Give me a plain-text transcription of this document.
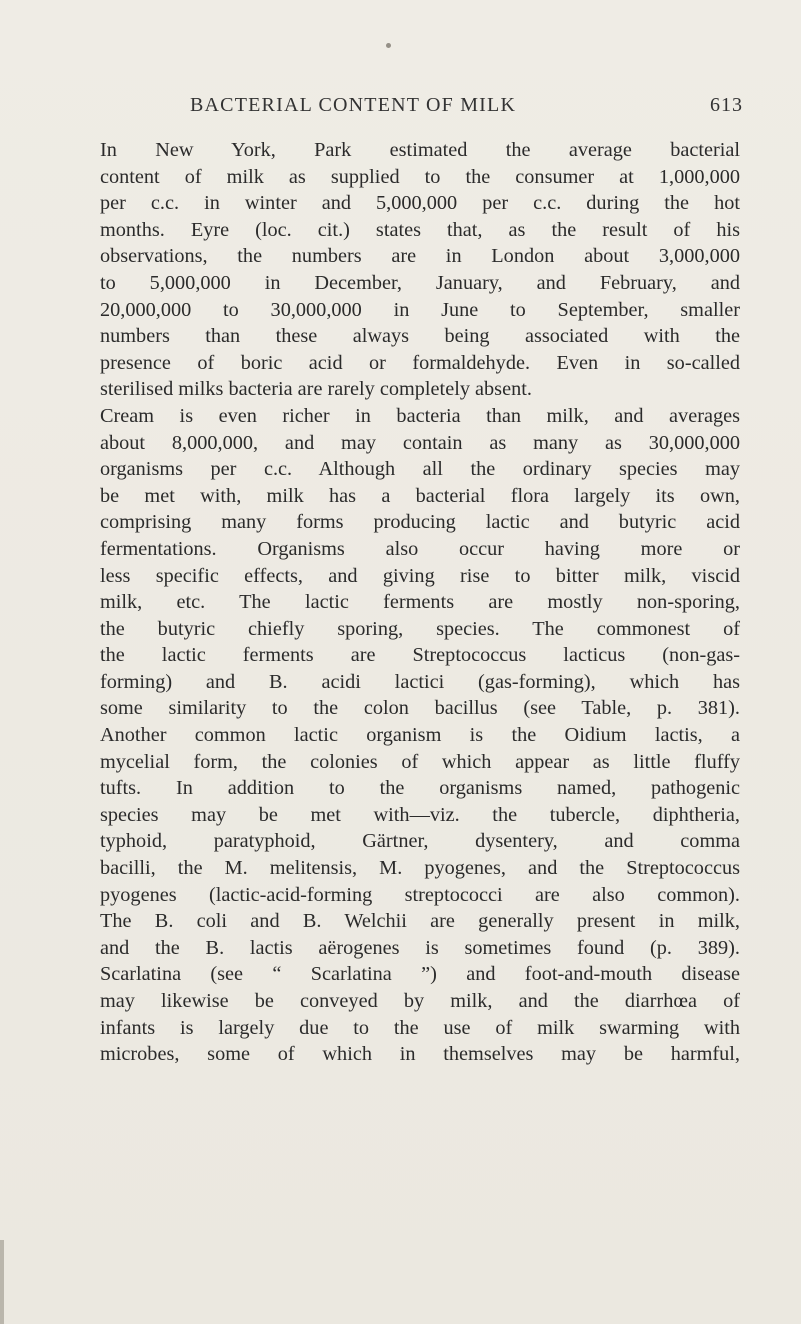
BACTERIAL CONTENT OF MILK	613

In New York, Park estimated the average bacterial
content of milk as supplied to the consumer at 1,000,000
per c.c. in winter and 5,000,000 per c.c. during the hot
months. Eyre (loc. cit.) states that, as the result of his
observations, the numbers are in London about 3,000,000
to 5,000,000 in December, January, and February, and
20,000,000 to 30,000,000 in June to September, smaller
numbers than these always being associated with the
presence of boric acid or formaldehyde. Even in so-called
sterilised milks bacteria are rarely completely absent.

Cream is even richer in bacteria than milk, and averages
about 8,000,000, and may contain as many as 30,000,000
organisms per c.c. Although all the ordinary species may
be met with, milk has a bacterial flora largely its own,
comprising many forms producing lactic and butyric acid
fermentations. Organisms also occur having more or
less specific effects, and giving rise to bitter milk, viscid
milk, etc. The lactic ferments are mostly non-sporing,
the butyric chiefly sporing, species. The commonest of
the lactic ferments are Streptococcus lacticus (non-gas-
forming) and B. acidi lactici (gas-forming), which has
some similarity to the colon bacillus (see Table, p. 381).
Another common lactic organism is the Oidium lactis, a
mycelial form, the colonies of which appear as little fluffy
tufts. In addition to the organisms named, pathogenic
species may be met with—viz. the tubercle, diphtheria,
typhoid, paratyphoid, Gärtner, dysentery, and comma
bacilli, the M. melitensis, M. pyogenes, and the Streptococcus
pyogenes (lactic-acid-forming streptococci are also common).
The B. coli and B. Welchii are generally present in milk,
and the B. lactis aërogenes is sometimes found (p. 389).
Scarlatina (see “ Scarlatina ”) and foot-and-mouth disease
may likewise be conveyed by milk, and the diarrhœa of
infants is largely due to the use of milk swarming with
microbes, some of which in themselves may be harmful,
